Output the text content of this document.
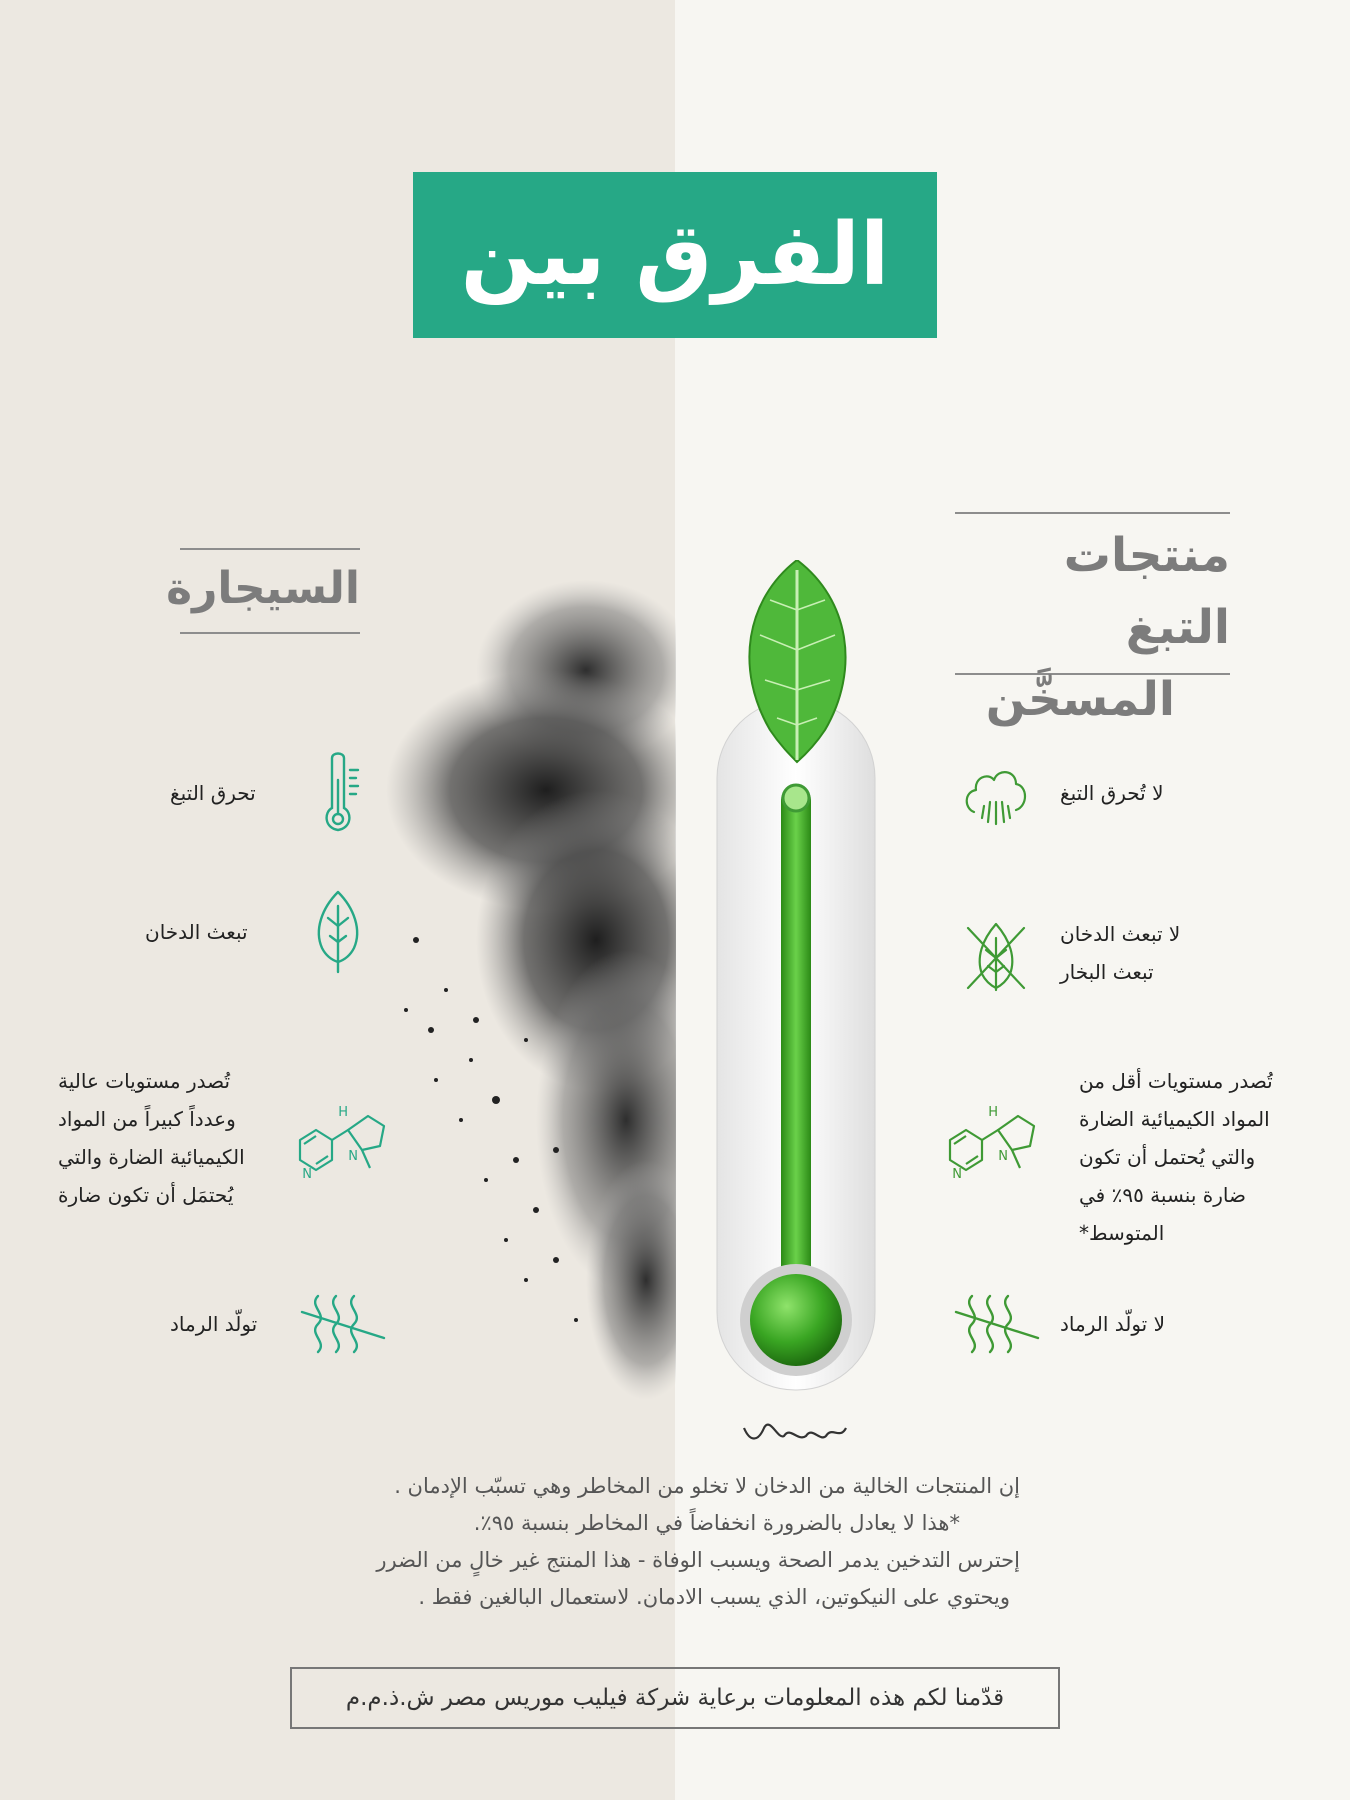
الفرق بين
منتجات التبغ
المسخَّن
السيجارة
لا تُحرق التبغ
لا تبعث الدخان
تبعث البخار
N
H
N
تُصدر مستويات أقل من
المواد الكيميائية الضارة
والتي يُحتمل أن تكون
ضارة بنسبة ٩٥٪ في
المتوسط*
لا تولّد الرماد
تحرق التبغ
تبعث الدخان
N
H
N
تُصدر مستويات عالية
وعدداً كبيراً من المواد
الكيميائية الضارة والتي
يُحتمَل أن تكون ضارة
تولّد الرماد
إن المنتجات الخالية من الدخان لا تخلو من المخاطر وهي تسبّب الإدمان .
*هذا لا يعادل بالضرورة انخفاضاً في المخاطر بنسبة ٩٥٪.
إحترس التدخين يدمر الصحة ويسبب الوفاة - هذا المنتج غير خالٍ من الضرر
ويحتوي على النيكوتين، الذي يسبب الادمان. لاستعمال البالغين فقط .
قدّمنا لكم هذه المعلومات برعاية شركة فيليب موريس مصر ش.ذ.م.م
